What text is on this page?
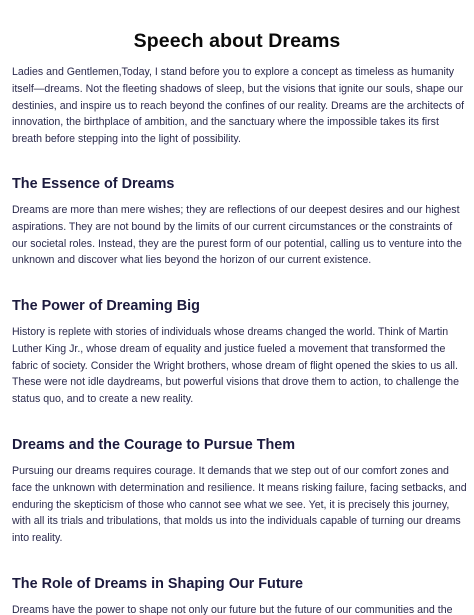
Speech about Dreams

Ladies and Gentlemen,Today, I stand before you to explore a concept as timeless as humanity itself—dreams. Not the fleeting shadows of sleep, but the visions that ignite our souls, shape our destinies, and inspire us to reach beyond the confines of our reality. Dreams are the architects of innovation, the birthplace of ambition, and the sanctuary where the impossible takes its first breath before stepping into the light of possibility.

The Essence of Dreams

Dreams are more than mere wishes; they are reflections of our deepest desires and our highest aspirations. They are not bound by the limits of our current circumstances or the constraints of our societal roles. Instead, they are the purest form of our potential, calling us to venture into the unknown and discover what lies beyond the horizon of our current existence.

The Power of Dreaming Big

History is replete with stories of individuals whose dreams changed the world. Think of Martin Luther King Jr., whose dream of equality and justice fueled a movement that transformed the fabric of society. Consider the Wright brothers, whose dream of flight opened the skies to us all. These were not idle daydreams, but powerful visions that drove them to action, to challenge the status quo, and to create a new reality.

Dreams and the Courage to Pursue Them

Pursuing our dreams requires courage. It demands that we step out of our comfort zones and face the unknown with determination and resilience. It means risking failure, facing setbacks, and enduring the skepticism of those who cannot see what we see. Yet, it is precisely this journey, with all its trials and tribulations, that molds us into the individuals capable of turning our dreams into reality.

The Role of Dreams in Shaping Our Future

Dreams have the power to shape not only our future but the future of our communities and the
